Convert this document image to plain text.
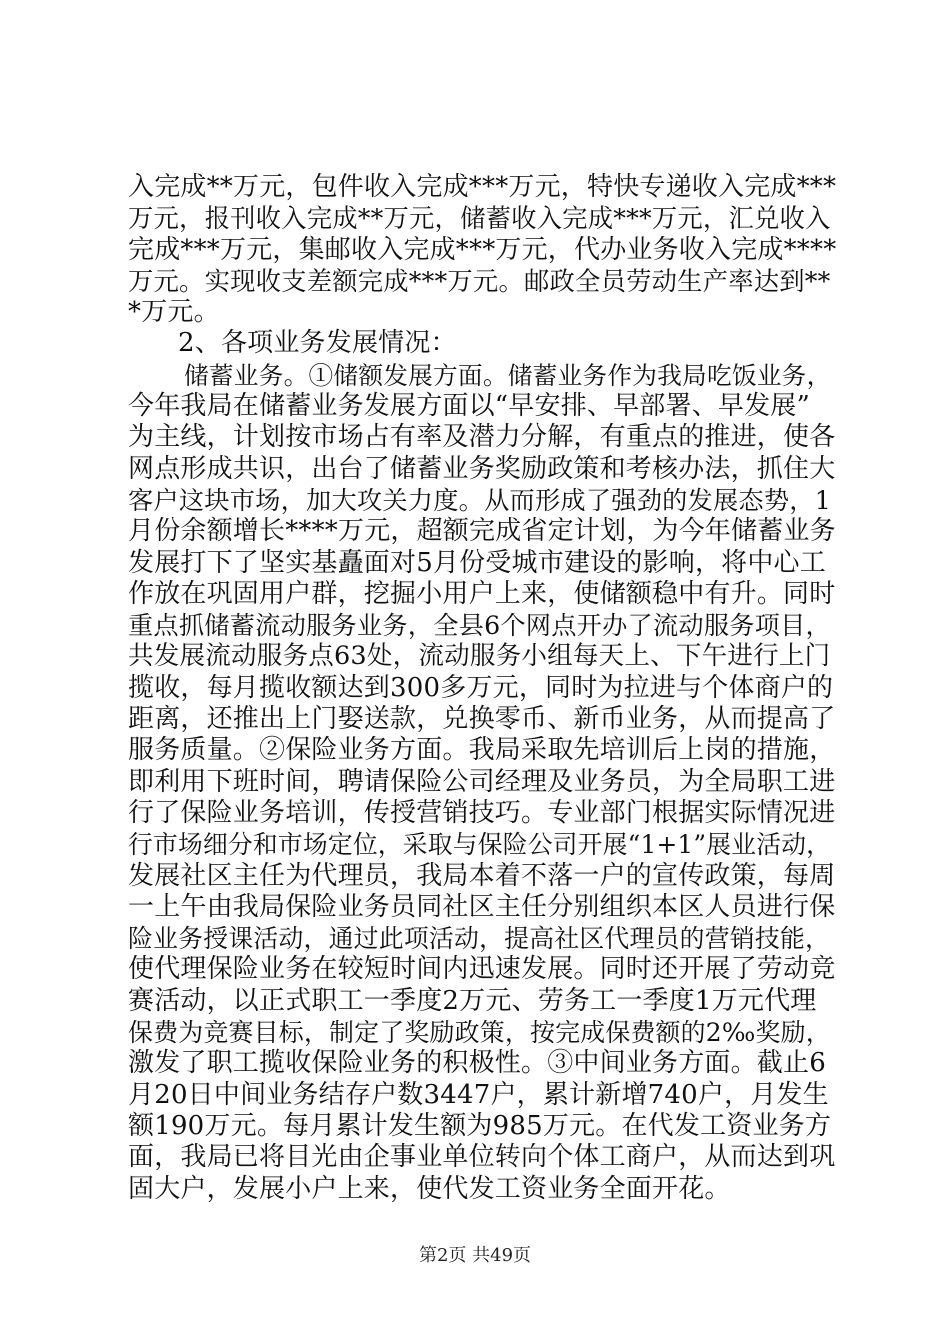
入完成**万元，包件收入完成***万元，特快专递收入完成***
万元，报刊收入完成**万元，储蓄收入完成***万元，汇兑收入
完成***万元，集邮收入完成***万元，代办业务收入完成****
万元。实现收支差额完成***万元。邮政全员劳动生产率达到**
*万元。
2、各项业务发展情况：
储蓄业务。①储额发展方面。储蓄业务作为我局吃饭业务，
今年我局在储蓄业务发展方面以“早安排、早部署、早发展”
为主线，计划按市场占有率及潜力分解，有重点的推进，使各
网点形成共识，出台了储蓄业务奖励政策和考核办法，抓住大
客户这块市场，加大攻关力度。从而形成了强劲的发展态势，1
月份余额增长****万元，超额完成省定计划，为今年储蓄业务
发展打下了坚实基矗面对5月份受城市建设的影响，将中心工
作放在巩固用户群，挖掘小用户上来，使储额稳中有升。同时
重点抓储蓄流动服务业务，全县6个网点开办了流动服务项目，
共发展流动服务点63处，流动服务小组每天上、下午进行上门
揽收，每月揽收额达到300多万元，同时为拉进与个体商户的
距离，还推出上门娶送款，兑换零币、新币业务，从而提高了
服务质量。②保险业务方面。我局采取先培训后上岗的措施，
即利用下班时间，聘请保险公司经理及业务员，为全局职工进
行了保险业务培训，传授营销技巧。专业部门根据实际情况进
行市场细分和市场定位，采取与保险公司开展“1+1”展业活动，
发展社区主任为代理员，我局本着不落一户的宣传政策，每周
一上午由我局保险业务员同社区主任分别组织本区人员进行保
险业务授课活动，通过此项活动，提高社区代理员的营销技能，
使代理保险业务在较短时间内迅速发展。同时还开展了劳动竞
赛活动，以正式职工一季度2万元、劳务工一季度1万元代理
保费为竞赛目标，制定了奖励政策，按完成保费额的2‰奖励，
激发了职工揽收保险业务的积极性。③中间业务方面。截止6
月20日中间业务结存户数3447户，累计新增740户，月发生
额190万元。每月累计发生额为985万元。在代发工资业务方
面，我局已将目光由企事业单位转向个体工商户，从而达到巩
固大户，发展小户上来，使代发工资业务全面开花。
第2页 共49页
